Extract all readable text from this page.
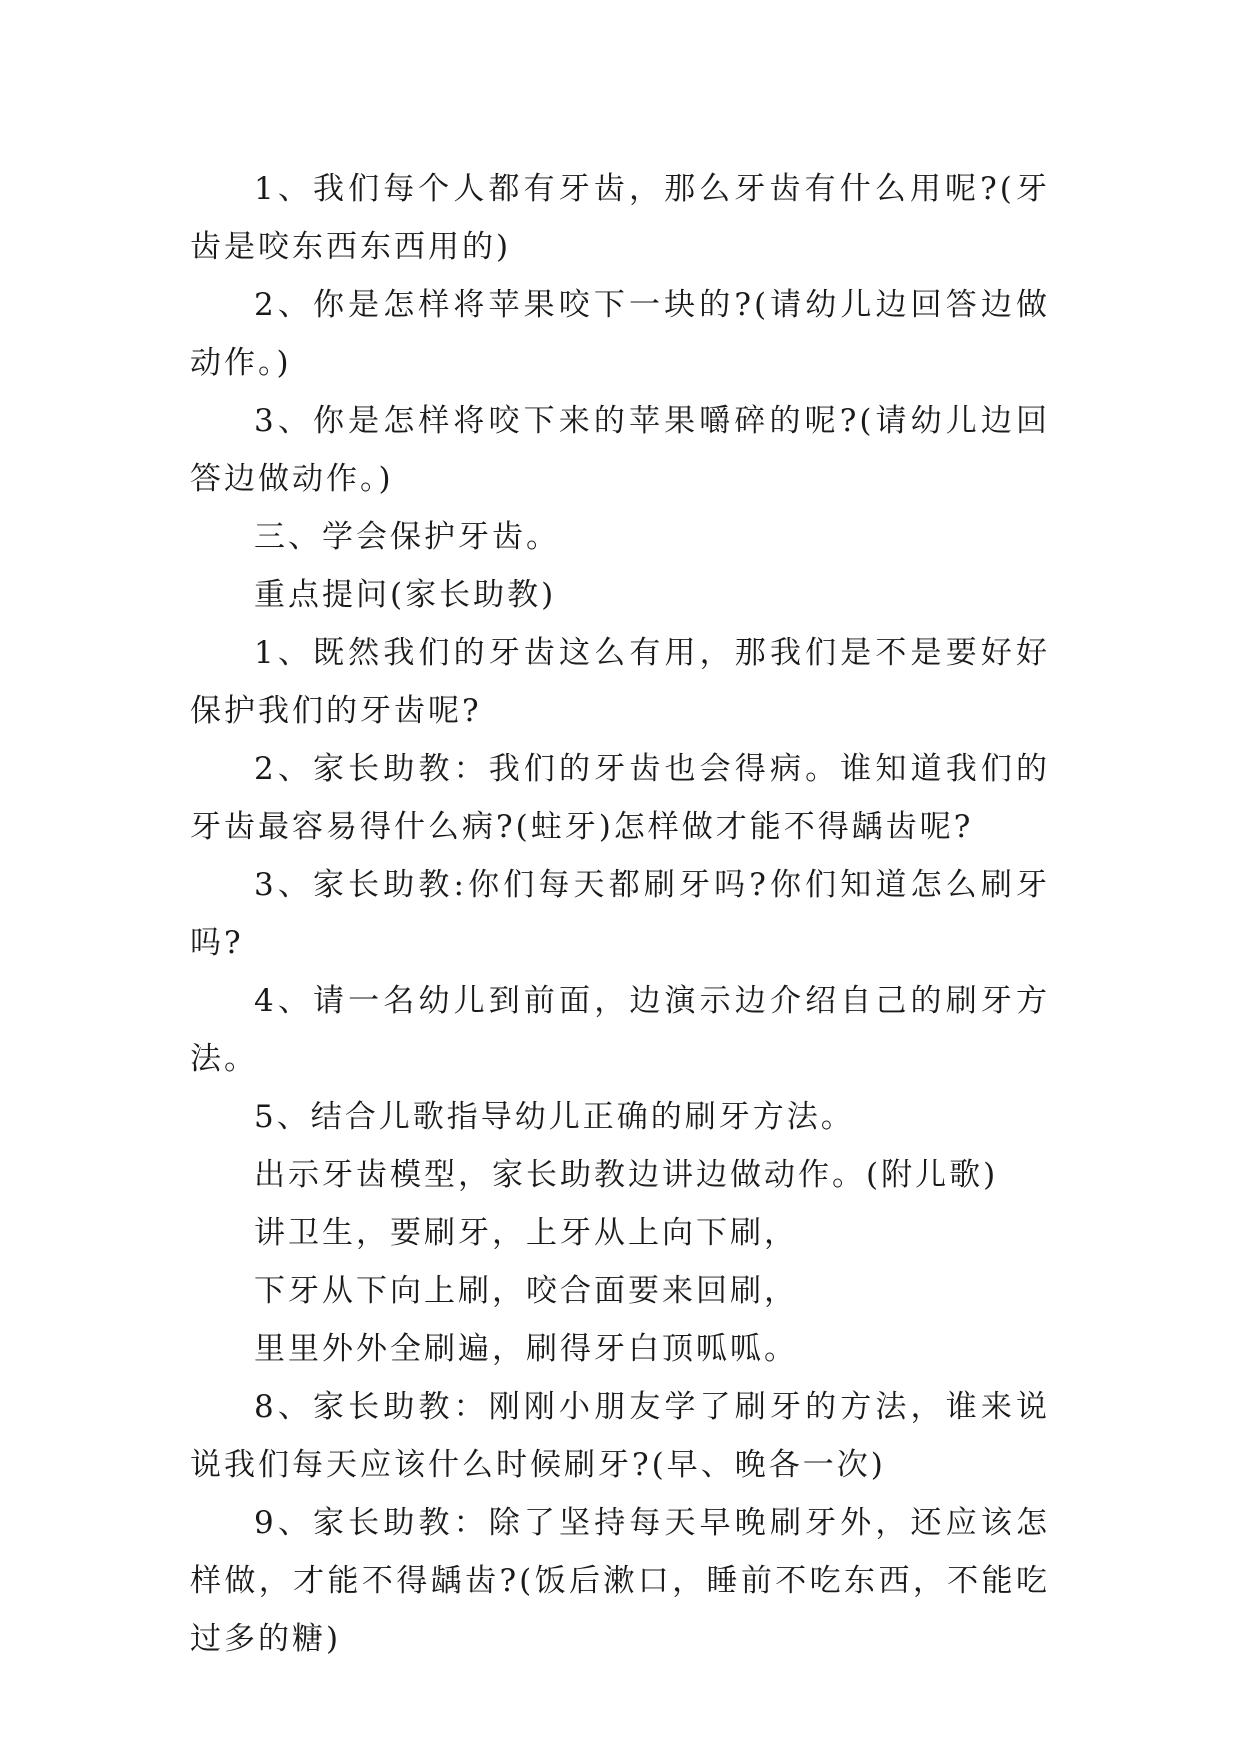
1、我们每个人都有牙齿，那么牙齿有什么用呢?(牙齿是咬东西东西用的)

2、你是怎样将苹果咬下一块的?(请幼儿边回答边做动作。)

3、你是怎样将咬下来的苹果嚼碎的呢?(请幼儿边回答边做动作。)

三、学会保护牙齿。

重点提问(家长助教)

1、既然我们的牙齿这么有用，那我们是不是要好好保护我们的牙齿呢?

2、家长助教：我们的牙齿也会得病。谁知道我们的牙齿最容易得什么病?(蛀牙)怎样做才能不得龋齿呢?

3、家长助教:你们每天都刷牙吗?你们知道怎么刷牙吗?

4、请一名幼儿到前面，边演示边介绍自己的刷牙方法。

5、结合儿歌指导幼儿正确的刷牙方法。

出示牙齿模型，家长助教边讲边做动作。(附儿歌)

讲卫生，要刷牙，上牙从上向下刷，

下牙从下向上刷，咬合面要来回刷，

里里外外全刷遍，刷得牙白顶呱呱。

8、家长助教：刚刚小朋友学了刷牙的方法，谁来说说我们每天应该什么时候刷牙?(早、晚各一次)

9、家长助教：除了坚持每天早晚刷牙外，还应该怎样做，才能不得龋齿?(饭后漱口，睡前不吃东西，不能吃过多的糖)
